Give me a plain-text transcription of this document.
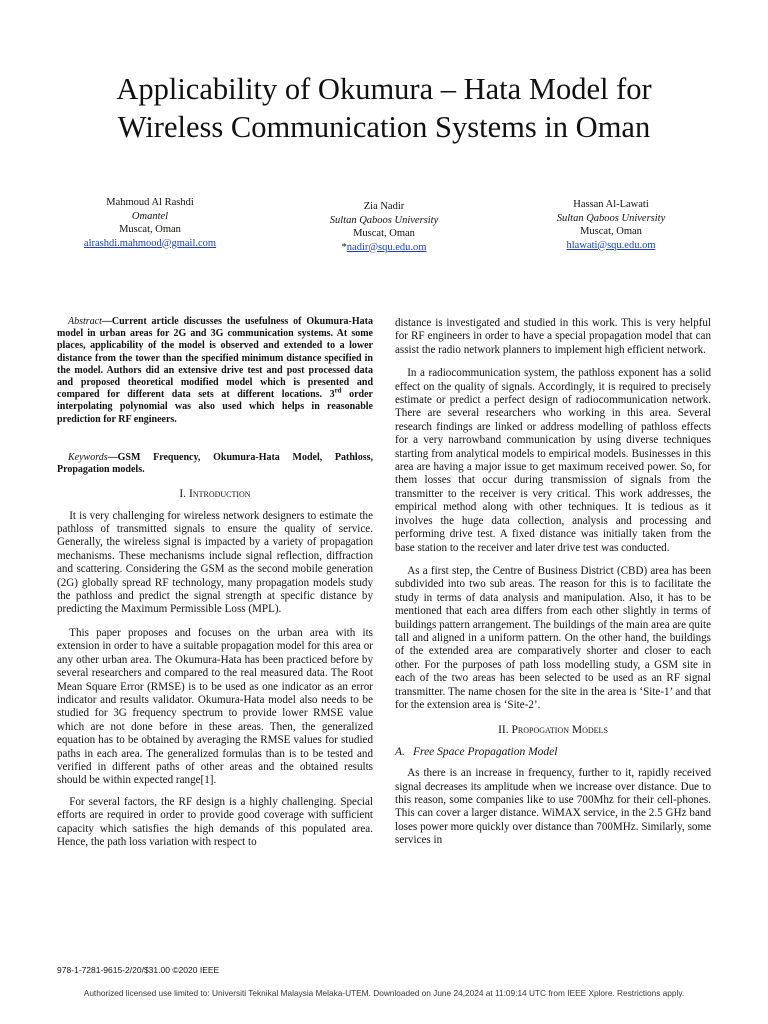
Applicability of Okumura – Hata Model for
Wireless Communication Systems in Oman
Mahmoud Al Rashdi
Omantel
Muscat, Oman
alrashdi.mahmood@gmail.com
Zia Nadir
Sultan Qaboos University
Muscat, Oman
*nadir@squ.edu.om
Hassan Al-Lawati
Sultan Qaboos University
Muscat, Oman
hlawati@squ.edu.om

Abstract—Current article discusses the usefulness of Okumura-Hata model in urban areas for 2G and 3G communication systems. At some places, applicability of the model is observed and extended to a lower distance from the tower than the specified minimum distance specified in the model. Authors did an extensive drive test and post processed data and proposed theoretical modified model which is presented and compared for different data sets at different locations. 3rd order interpolating polynomial was also used which helps in reasonable prediction for RF engineers.

Keywords—GSM Frequency, Okumura-Hata Model, Pathloss, Propagation models.

I. Introduction

It is very challenging for wireless network designers to estimate the pathloss of transmitted signals to ensure the quality of service. Generally, the wireless signal is impacted by a variety of propagation mechanisms. These mechanisms include signal reflection, diffraction and scattering. Considering the GSM as the second mobile generation (2G) globally spread RF technology, many propagation models study the pathloss and predict the signal strength at specific distance by predicting the Maximum Permissible Loss (MPL).

This paper proposes and focuses on the urban area with its extension in order to have a suitable propagation model for this area or any other urban area. The Okumura-Hata has been practiced before by several researchers and compared to the real measured data. The Root Mean Square Error (RMSE) is to be used as one indicator as an error indicator and results validator. Okumura-Hata model also needs to be studied for 3G frequency spectrum to provide lower RMSE value which are not done before in these areas. Then, the generalized equation has to be obtained by averaging the RMSE values for studied paths in each area. The generalized formulas than is to be tested and verified in different paths of other areas and the obtained results should be within expected range[1].

For several factors, the RF design is a highly challenging. Special efforts are required in order to provide good coverage with sufficient capacity which satisfies the high demands of this populated area. Hence, the path loss variation with respect to

distance is investigated and studied in this work. This is very helpful for RF engineers in order to have a special propagation model that can assist the radio network planners to implement high efficient network.

In a radiocommunication system, the pathloss exponent has a solid effect on the quality of signals. Accordingly, it is required to precisely estimate or predict a perfect design of radiocommunication network. There are several researchers who working in this area. Several research findings are linked or address modelling of pathloss effects for a very narrowband communication by using diverse techniques starting from analytical models to empirical models. Businesses in this area are having a major issue to get maximum received power. So, for them losses that occur during transmission of signals from the transmitter to the receiver is very critical. This work addresses, the empirical method along with other techniques. It is tedious as it involves the huge data collection, analysis and processing and performing drive test. A fixed distance was initially taken from the base station to the receiver and later drive test was conducted.

As a first step, the Centre of Business District (CBD) area has been subdivided into two sub areas. The reason for this is to facilitate the study in terms of data analysis and manipulation. Also, it has to be mentioned that each area differs from each other slightly in terms of buildings pattern arrangement. The buildings of the main area are quite tall and aligned in a uniform pattern. On the other hand, the buildings of the extended area are comparatively shorter and closer to each other. For the purposes of path loss modelling study, a GSM site in each of the two areas has been selected to be used as an RF signal transmitter. The name chosen for the site in the area is ‘Site-1’ and that for the extension area is ‘Site-2’.

II. Propogation Models

A. Free Space Propagation Model

As there is an increase in frequency, further to it, rapidly received signal decreases its amplitude when we increase over distance. Due to this reason, some companies like to use 700Mhz for their cell-phones. This can cover a larger distance. WiMAX service, in the 2.5 GHz band loses power more quickly over distance than 700MHz. Similarly, some services in

978-1-7281-9615-2/20/$31.00 ©2020 IEEE
Authorized licensed use limited to: Universiti Teknikal Malaysia Melaka-UTEM. Downloaded on June 24,2024 at 11:09:14 UTC from IEEE Xplore. Restrictions apply.
